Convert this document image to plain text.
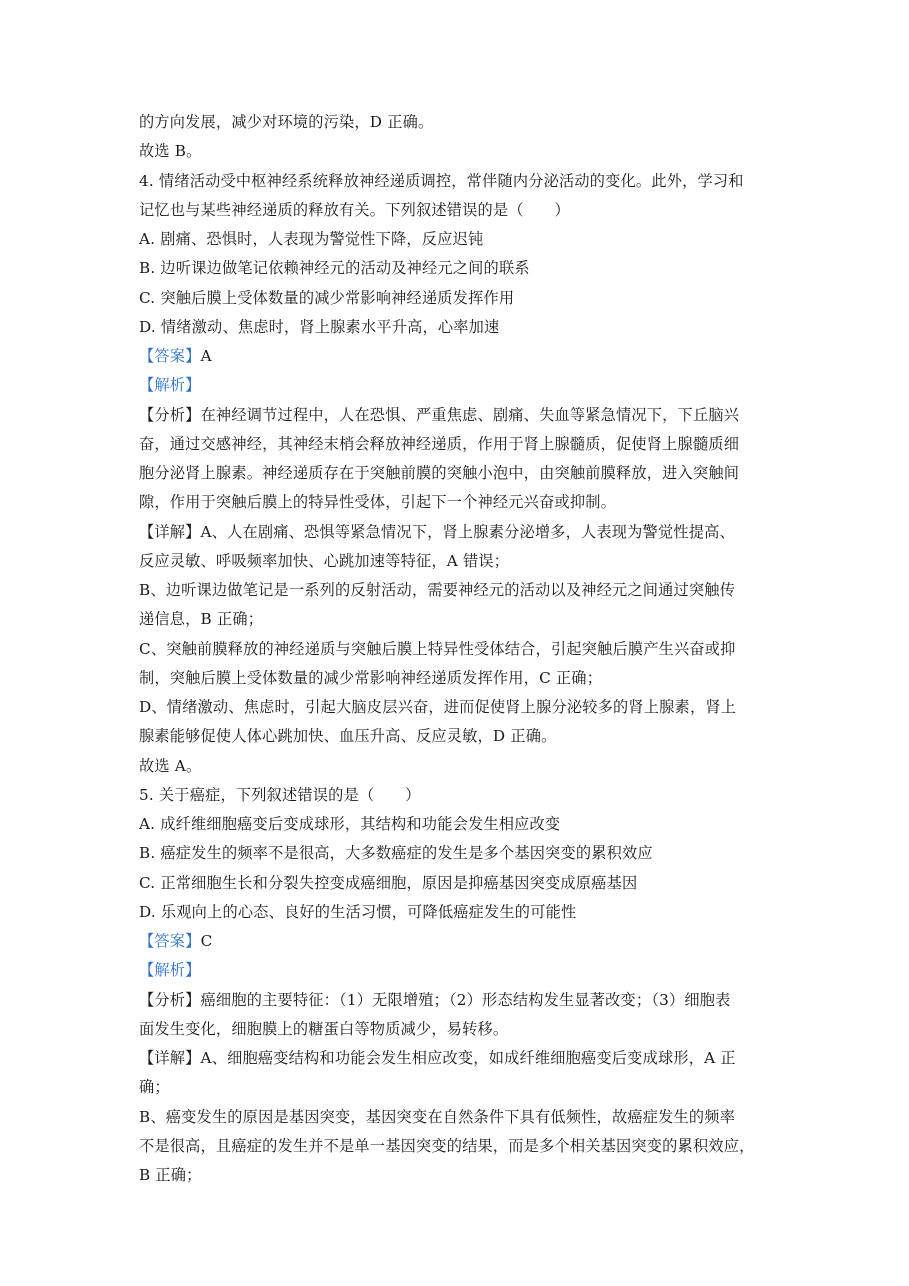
的方向发展，减少对环境的污染，D 正确。
故选 B。
4. 情绪活动受中枢神经系统释放神经递质调控，常伴随内分泌活动的变化。此外，学习和
记忆也与某些神经递质的释放有关。下列叙述错误的是（　　）
A. 剧痛、恐惧时，人表现为警觉性下降，反应迟钝
B. 边听课边做笔记依赖神经元的活动及神经元之间的联系
C. 突触后膜上受体数量的减少常影响神经递质发挥作用
D. 情绪激动、焦虑时，肾上腺素水平升高，心率加速
【答案】A
【解析】
【分析】在神经调节过程中，人在恐惧、严重焦虑、剧痛、失血等紧急情况下，下丘脑兴
奋，通过交感神经，其神经末梢会释放神经递质，作用于肾上腺髓质，促使肾上腺髓质细
胞分泌肾上腺素。神经递质存在于突触前膜的突触小泡中，由突触前膜释放，进入突触间
隙，作用于突触后膜上的特异性受体，引起下一个神经元兴奋或抑制。
【详解】A、人在剧痛、恐惧等紧急情况下，肾上腺素分泌增多，人表现为警觉性提高、
反应灵敏、呼吸频率加快、心跳加速等特征，A 错误；
B、边听课边做笔记是一系列的反射活动，需要神经元的活动以及神经元之间通过突触传
递信息，B 正确；
C、突触前膜释放的神经递质与突触后膜上特异性受体结合，引起突触后膜产生兴奋或抑
制，突触后膜上受体数量的减少常影响神经递质发挥作用，C 正确；
D、情绪激动、焦虑时，引起大脑皮层兴奋，进而促使肾上腺分泌较多的肾上腺素，肾上
腺素能够促使人体心跳加快、血压升高、反应灵敏，D 正确。
故选 A。
5. 关于癌症，下列叙述错误的是（　　）
A. 成纤维细胞癌变后变成球形，其结构和功能会发生相应改变
B. 癌症发生的频率不是很高，大多数癌症的发生是多个基因突变的累积效应
C. 正常细胞生长和分裂失控变成癌细胞，原因是抑癌基因突变成原癌基因
D. 乐观向上的心态、良好的生活习惯，可降低癌症发生的可能性
【答案】C
【解析】
【分析】癌细胞的主要特征：（1）无限增殖；（2）形态结构发生显著改变；（3）细胞表
面发生变化，细胞膜上的糖蛋白等物质减少，易转移。
【详解】A、细胞癌变结构和功能会发生相应改变，如成纤维细胞癌变后变成球形，A 正
确；
B、癌变发生的原因是基因突变，基因突变在自然条件下具有低频性，故癌症发生的频率
不是很高，且癌症的发生并不是单一基因突变的结果，而是多个相关基因突变的累积效应，
B 正确；
